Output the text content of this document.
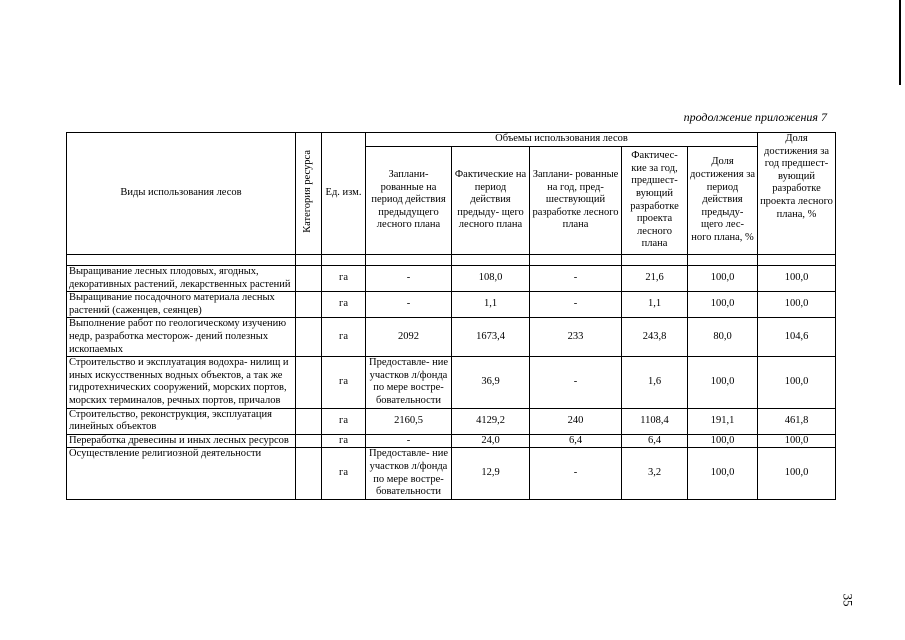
продолжение приложения 7
Виды использования лесов	Категория ресурса	Ед. изм.	Объемы использования лесов					Доля достижения за год предшест- вующий разработке проекта лесного плана, %
			Заплани- рованные на период действия предыдущего лесного плана	Фактические на период действия предыду- щего лесного плана	Заплани- рованные на год, пред- шествующий разработке лесного плана	Фактичес- кие за год, предшест- вующий разработке проекта лесного плана	Доля достижения за период действия предыду- щего лес- ного плана, %	

Выращивание лесных плодовых, ягодных, декоративных растений, лекарственных растений		га	-	108,0	-	21,6	100,0	100,0
Выращивание посадочного материала лесных растений (саженцев, сеянцев)		га	-	1,1	-	1,1	100,0	100,0
Выполнение работ по геологическому изучению недр, разработка месторож- дений полезных ископаемых		га	2092	1673,4	233	243,8	80,0	104,6
Строительство и эксплуатация водохра- нилищ и иных искусственных водных объектов, а так же гидротехнических сооружений, морских портов, морских терминалов, речных портов, причалов		га	Предоставле- ние участков л/фонда по мере востре- бовательности	36,9	-	1,6	100,0	100,0
Строительство, реконструкция, эксплуатация линейных объектов		га	2160,5	4129,2	240	1108,4	191,1	461,8
Переработка древесины и иных лесных ресурсов		га	-	24,0	6,4	6,4	100,0	100,0
Осуществление религиозной деятельности		га	Предоставле- ние участков л/фонда по мере востре- бовательности	12,9	-	3,2	100,0	100,0
35
